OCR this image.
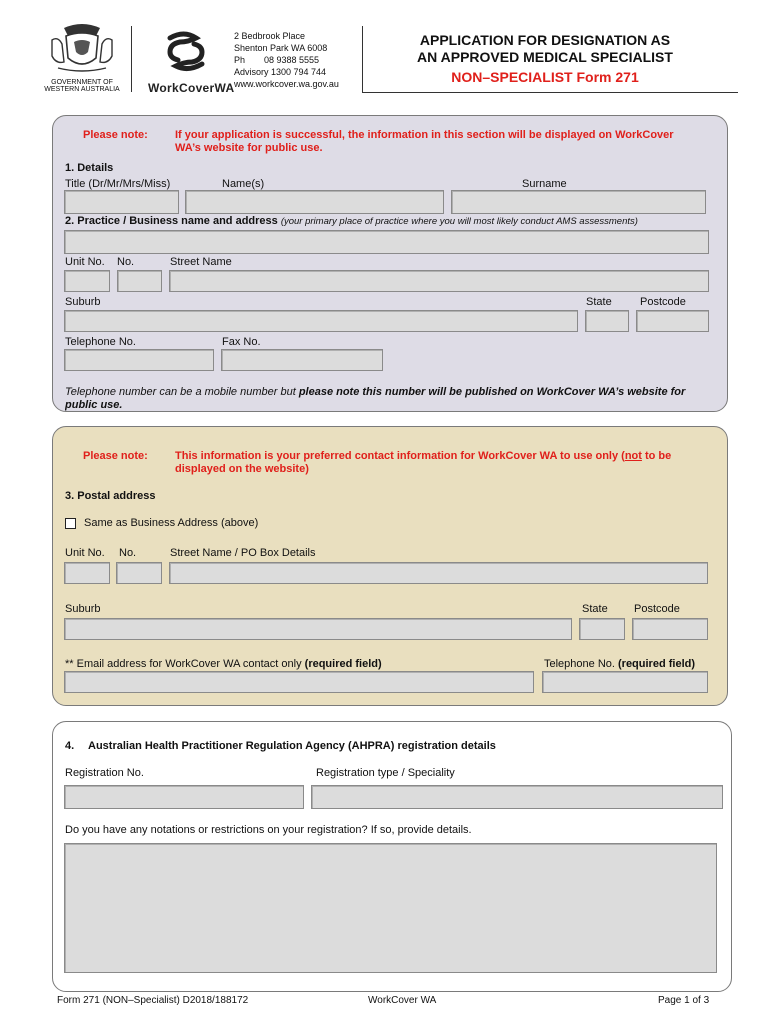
GOVERNMENT OF
WESTERN AUSTRALIA WorkCoverWA
2 Bedbrook Place
Shenton Park WA 6008
Ph 08 9388 5555
Advisory 1300 794 744
www.workcover.wa.gov.au
APPLICATION FOR DESIGNATION AS
AN APPROVED MEDICAL SPECIALIST
NON–SPECIALIST Form 271
Please note: If your application is successful, the information in this section will be displayed on WorkCover
WA’s website for public use.
1. Details
Title (Dr/Mr/Mrs/Miss)	Name(s)	Surname
2. Practice / Business name and address (your primary place of practice where you will most likely conduct AMS assessments)
Unit No. No.	Street Name
Suburb	State	Postcode
Telephone No.	Fax No.
Telephone number can be a mobile number but please note this number will be published on WorkCover WA’s website for
public use.
Please note: This information is your preferred contact information for WorkCover WA to use only (not to be
displayed on the website)
3. Postal address
Same as Business Address (above)
Unit No. No.	Street Name / PO Box Details
Suburb	State Postcode
** Email address for WorkCover WA contact only (required field)	Telephone No. (required field)
4. Australian Health Practitioner Regulation Agency (AHPRA) registration details
Registration No.	Registration type / Speciality
Do you have any notations or restrictions on your registration? If so, provide details.
Form 271 (NON–Specialist) D2018/188172	WorkCover WA	Page 1 of 3
